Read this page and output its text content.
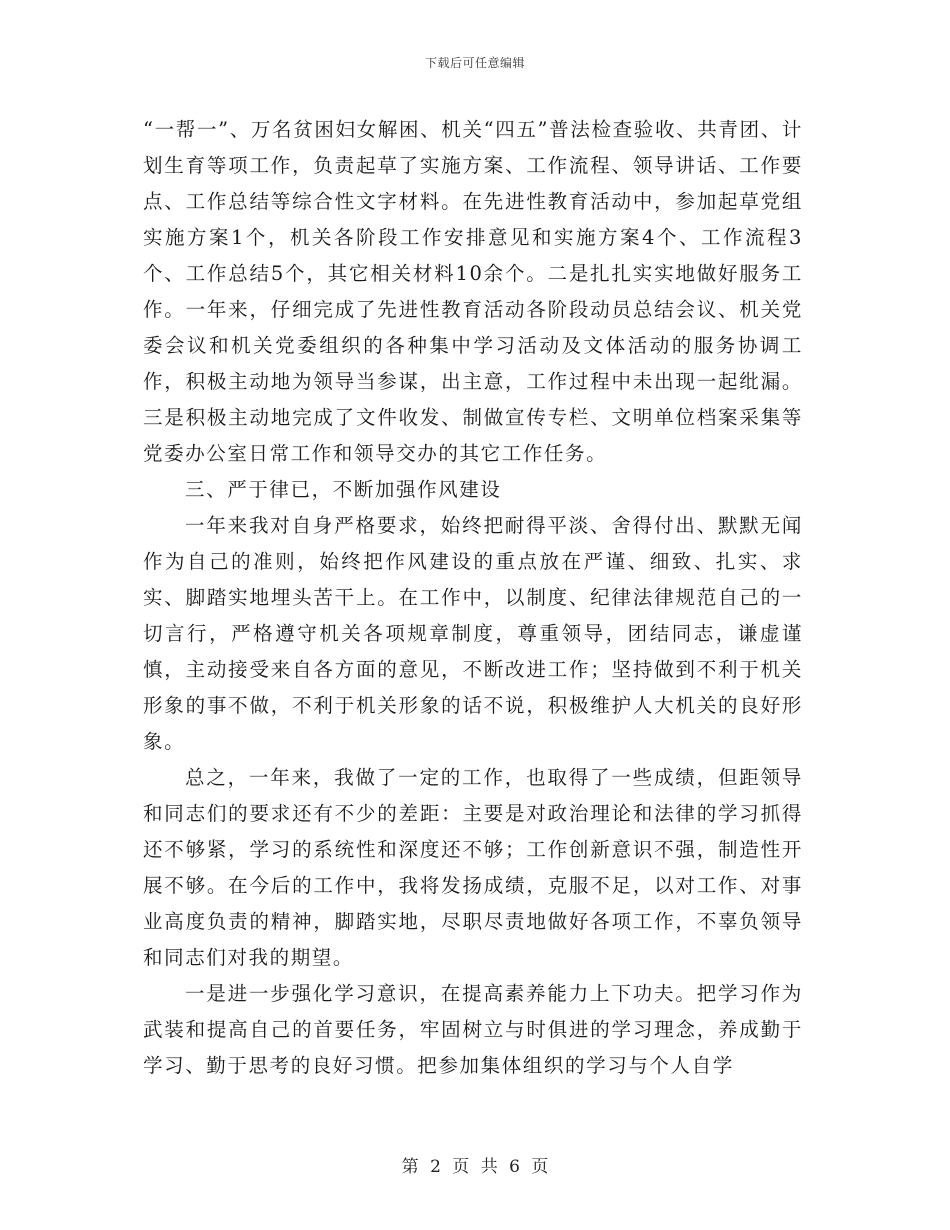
下载后可任意编辑

“一帮一”、万名贫困妇女解困、机关“四五”普法检查验收、共青团、计划生育等项工作，负责起草了实施方案、工作流程、领导讲话、工作要点、工作总结等综合性文字材料。在先进性教育活动中，参加起草党组实施方案1个，机关各阶段工作安排意见和实施方案4个、工作流程3个、工作总结5个，其它相关材料10余个。二是扎扎实实地做好服务工作。一年来，仔细完成了先进性教育活动各阶段动员总结会议、机关党委会议和机关党委组织的各种集中学习活动及文体活动的服务协调工作，积极主动地为领导当参谋，出主意，工作过程中未出现一起纰漏。三是积极主动地完成了文件收发、制做宣传专栏、文明单位档案采集等党委办公室日常工作和领导交办的其它工作任务。

三、严于律已，不断加强作风建设

一年来我对自身严格要求，始终把耐得平淡、舍得付出、默默无闻作为自己的准则，始终把作风建设的重点放在严谨、细致、扎实、求实、脚踏实地埋头苦干上。在工作中，以制度、纪律法律规范自己的一切言行，严格遵守机关各项规章制度，尊重领导，团结同志，谦虚谨慎，主动接受来自各方面的意见，不断改进工作；坚持做到不利于机关形象的事不做，不利于机关形象的话不说，积极维护人大机关的良好形象。

总之，一年来，我做了一定的工作，也取得了一些成绩，但距领导和同志们的要求还有不少的差距：主要是对政治理论和法律的学习抓得还不够紧，学习的系统性和深度还不够；工作创新意识不强，制造性开展不够。在今后的工作中，我将发扬成绩，克服不足，以对工作、对事业高度负责的精神，脚踏实地，尽职尽责地做好各项工作，不辜负领导和同志们对我的期望。

一是进一步强化学习意识，在提高素养能力上下功夫。把学习作为武装和提高自己的首要任务，牢固树立与时俱进的学习理念，养成勤于学习、勤于思考的良好习惯。把参加集体组织的学习与个人自学

第 2 页 共 6 页
